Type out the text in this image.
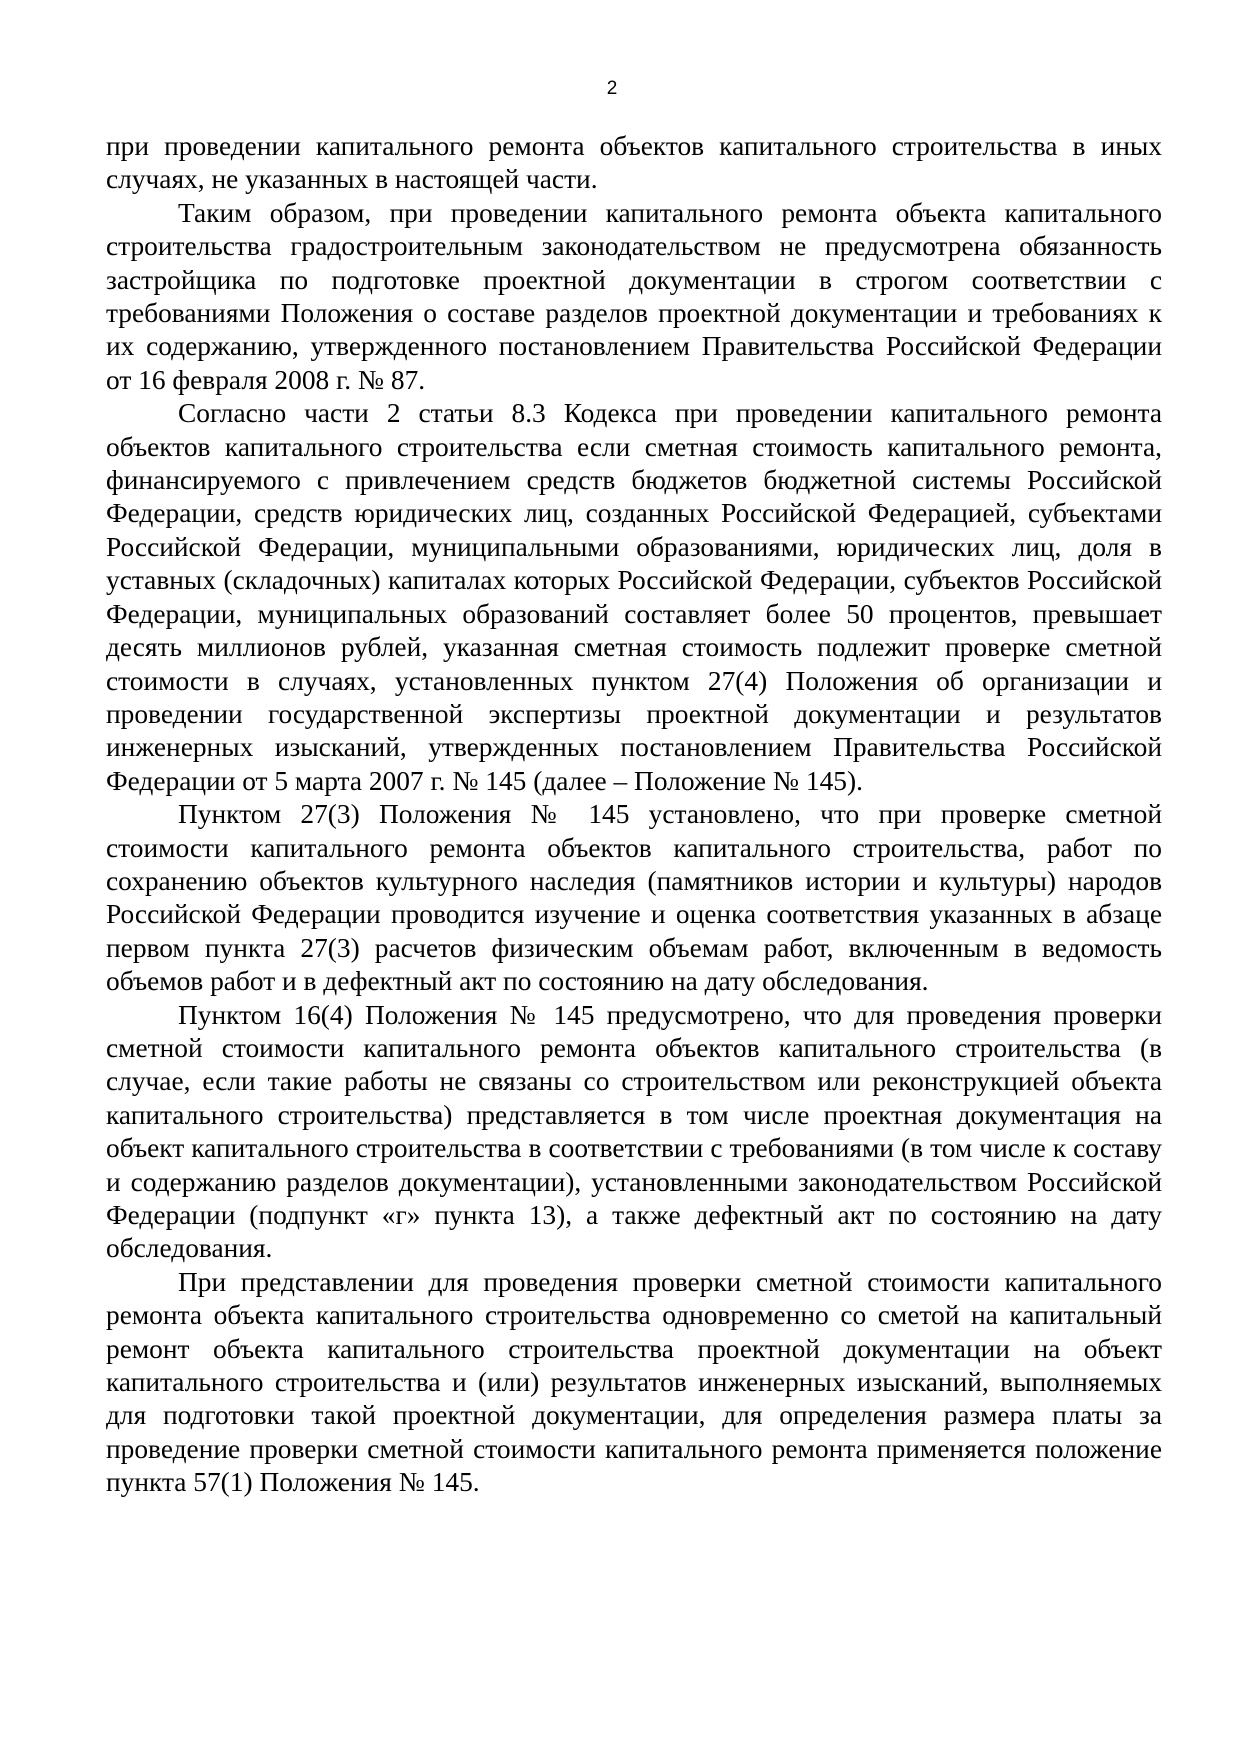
2

при проведении капитального ремонта объектов капитального строительства в иных случаях, не указанных в настоящей части.

Таким образом, при проведении капитального ремонта объекта капитального строительства градостроительным законодательством не предусмотрена обязанность застройщика по подготовке проектной документации в строгом соответствии с требованиями Положения о составе разделов проектной документации и требованиях к их содержанию, утвержденного постановлением Правительства Российской Федерации от 16 февраля 2008 г. № 87.

Согласно части 2 статьи 8.3 Кодекса при проведении капитального ремонта объектов капитального строительства если сметная стоимость капитального ремонта, финансируемого с привлечением средств бюджетов бюджетной системы Российской Федерации, средств юридических лиц, созданных Российской Федерацией, субъектами Российской Федерации, муниципальными образованиями, юридических лиц, доля в уставных (складочных) капиталах которых Российской Федерации, субъектов Российской Федерации, муниципальных образований составляет более 50 процентов, превышает десять миллионов рублей, указанная сметная стоимость подлежит проверке сметной стоимости в случаях, установленных пунктом 27(4) Положения об организации и проведении государственной экспертизы проектной документации и результатов инженерных изысканий, утвержденных постановлением Правительства Российской Федерации от 5 марта 2007 г. № 145 (далее – Положение № 145).

Пунктом 27(3) Положения № 145 установлено, что при проверке сметной стоимости капитального ремонта объектов капитального строительства, работ по сохранению объектов культурного наследия (памятников истории и культуры) народов Российской Федерации проводится изучение и оценка соответствия указанных в абзаце первом пункта 27(3) расчетов физическим объемам работ, включенным в ведомость объемов работ и в дефектный акт по состоянию на дату обследования.

Пунктом 16(4) Положения № 145 предусмотрено, что для проведения проверки сметной стоимости капитального ремонта объектов капитального строительства (в случае, если такие работы не связаны со строительством или реконструкцией объекта капитального строительства) представляется в том числе проектная документация на объект капитального строительства в соответствии с требованиями (в том числе к составу и содержанию разделов документации), установленными законодательством Российской Федерации (подпункт «г» пункта 13), а также дефектный акт по состоянию на дату обследования.

При представлении для проведения проверки сметной стоимости капитального ремонта объекта капитального строительства одновременно со сметой на капитальный ремонт объекта капитального строительства проектной документации на объект капитального строительства и (или) результатов инженерных изысканий, выполняемых для подготовки такой проектной документации, для определения размера платы за проведение проверки сметной стоимости капитального ремонта применяется положение пункта 57(1) Положения № 145.
